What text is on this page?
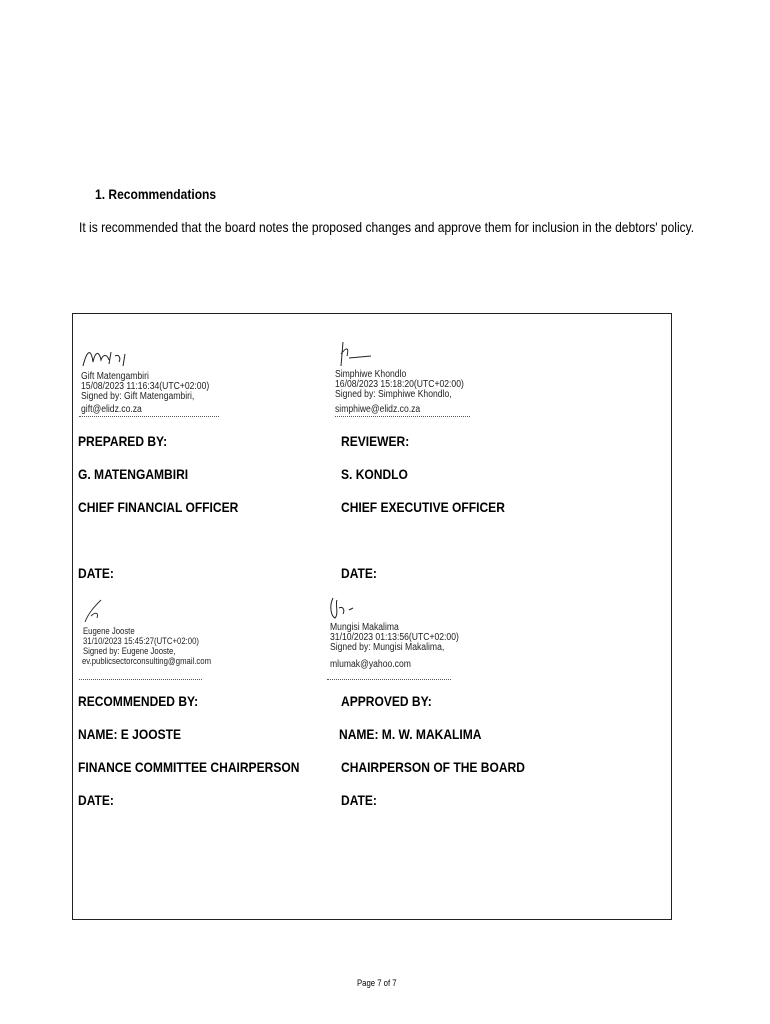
1. Recommendations
It is recommended that the board notes the proposed changes and approve them for inclusion in the debtors' policy.
Gift Matengambiri
15/08/2023 11:16:34(UTC+02:00)
Signed by: Gift Matengambiri,
gift@elidz.co.za
Simphiwe Khondlo
16/08/2023 15:18:20(UTC+02:00)
Signed by: Simphiwe Khondlo,
simphiwe@elidz.co.za
PREPARED BY:	REVIEWER:
G. MATENGAMBIRI	S. KONDLO
CHIEF FINANCIAL OFFICER	CHIEF EXECUTIVE OFFICER
DATE:	DATE:
Eugene Jooste
31/10/2023 15:45:27(UTC+02:00)
Signed by: Eugene Jooste,
ev.publicsectorconsulting@gmail.com
Mungisi Makalima
31/10/2023 01:13:56(UTC+02:00)
Signed by: Mungisi Makalima,
mlumak@yahoo.com
RECOMMENDED BY:	APPROVED BY:
NAME: E JOOSTE	NAME: M. W. MAKALIMA
FINANCE COMMITTEE CHAIRPERSON	CHAIRPERSON OF THE BOARD
DATE:	DATE:
Page 7 of 7
